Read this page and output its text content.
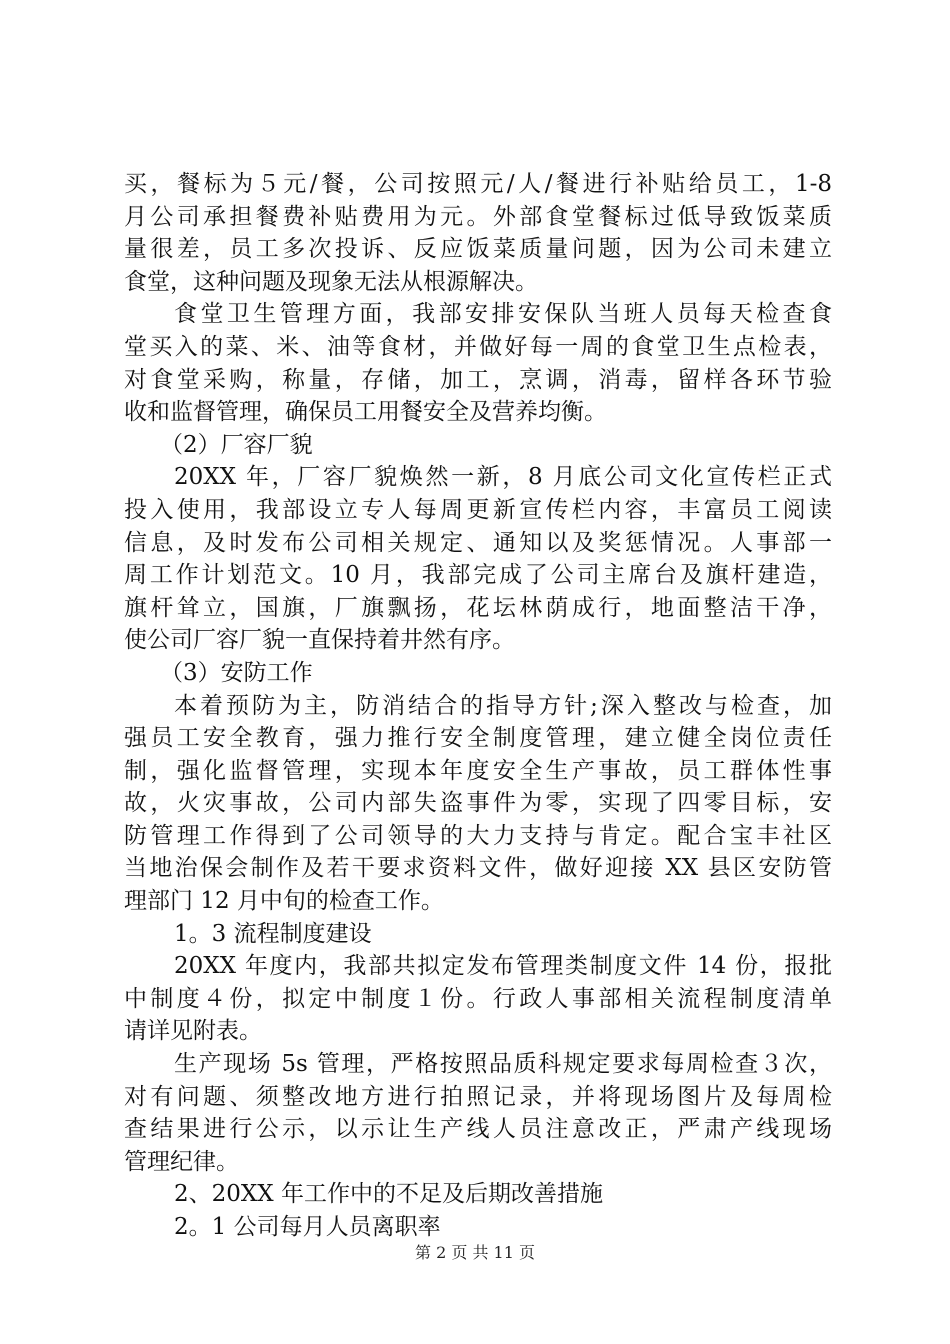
买，餐标为５元/餐，公司按照元/人/餐进行补贴给员工，1-8
月公司承担餐费补贴费用为元。外部食堂餐标过低导致饭菜质
量很差，员工多次投诉、反应饭菜质量问题，因为公司未建立
食堂，这种问题及现象无法从根源解决。
食堂卫生管理方面，我部安排安保队当班人员每天检查食
堂买入的菜、米、油等食材，并做好每一周的食堂卫生点检表，
对食堂采购，称量，存储，加工，烹调，消毒，留样各环节验
收和监督管理，确保员工用餐安全及营养均衡。
（2）厂容厂貌
20XX 年，厂容厂貌焕然一新，8 月底公司文化宣传栏正式
投入使用，我部设立专人每周更新宣传栏内容，丰富员工阅读
信息，及时发布公司相关规定、通知以及奖惩情况。人事部一
周工作计划范文。10 月，我部完成了公司主席台及旗杆建造，
旗杆耸立，国旗，厂旗飘扬，花坛林荫成行，地面整洁干净，
使公司厂容厂貌一直保持着井然有序。
（3）安防工作
本着预防为主，防消结合的指导方针;深入整改与检查，加
强员工安全教育，强力推行安全制度管理，建立健全岗位责任
制，强化监督管理，实现本年度安全生产事故，员工群体性事
故，火灾事故，公司内部失盗事件为零，实现了四零目标，安
防管理工作得到了公司领导的大力支持与肯定。配合宝丰社区
当地治保会制作及若干要求资料文件，做好迎接 XX 县区安防管
理部门 12 月中旬的检查工作。
1。3 流程制度建设
20XX 年度内，我部共拟定发布管理类制度文件 14 份，报批
中制度４份，拟定中制度１份。行政人事部相关流程制度清单
请详见附表。
生产现场 5s 管理，严格按照品质科规定要求每周检查３次，
对有问题、须整改地方进行拍照记录，并将现场图片及每周检
查结果进行公示，以示让生产线人员注意改正，严肃产线现场
管理纪律。
2、20XX 年工作中的不足及后期改善措施
2。1 公司每月人员离职率
第 2 页 共 11 页
